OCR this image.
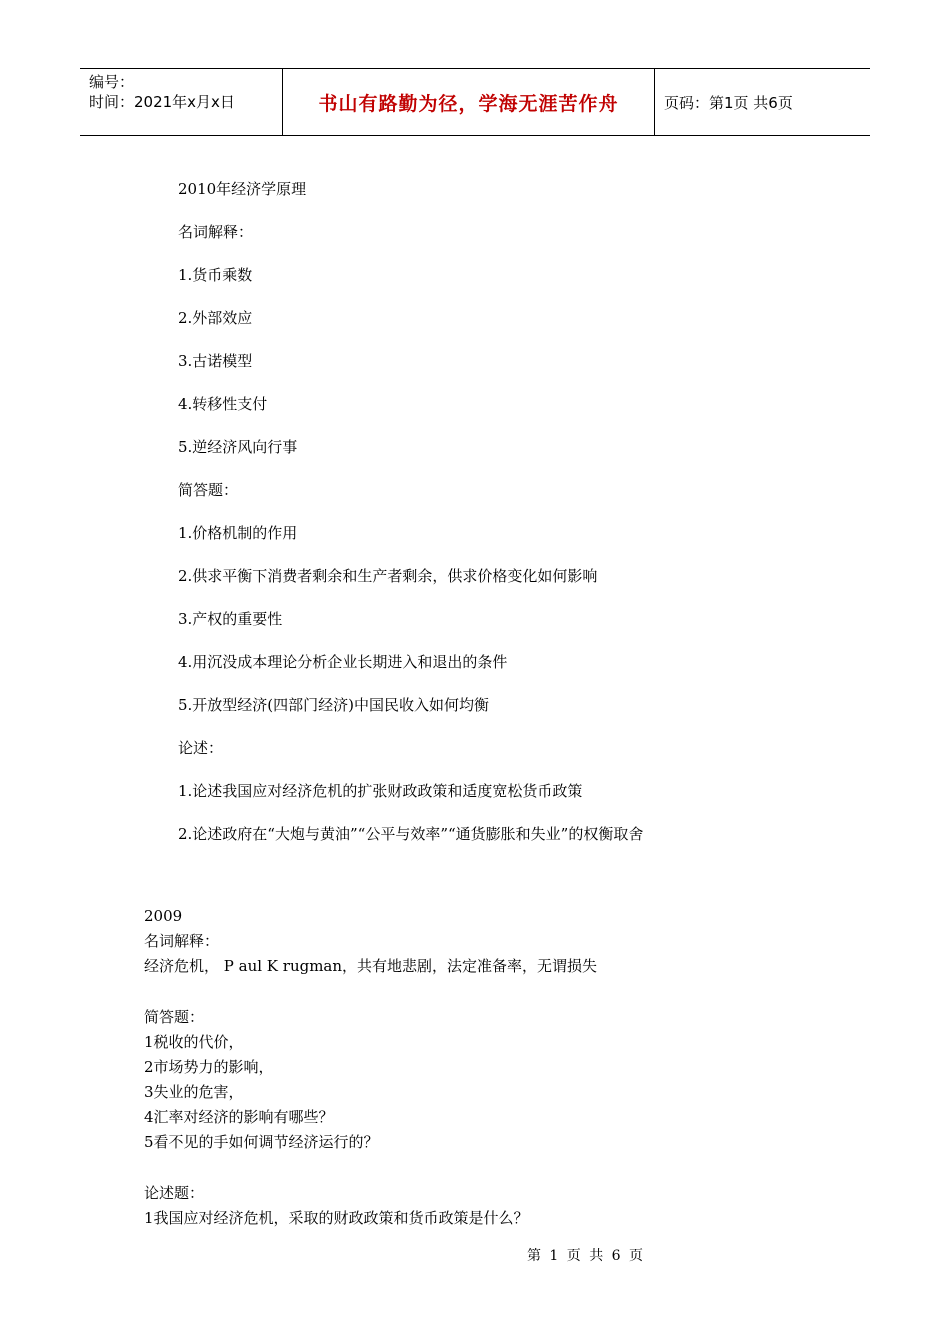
编号：
时间：2021年x月x日	书山有路勤为径，学海无涯苦作舟	页码：第1页 共6页
2010年经济学原理
名词解释：
1.货币乘数
2.外部效应
3.古诺模型
4.转移性支付
5.逆经济风向行事
简答题：
1.价格机制的作用
2.供求平衡下消费者剩余和生产者剩余，供求价格变化如何影响
3.产权的重要性
4.用沉没成本理论分析企业长期进入和退出的条件
5.开放型经济(四部门经济)中国民收入如何均衡
论述：
1.论述我国应对经济危机的扩张财政政策和适度宽松货币政策
2.论述政府在“大炮与黄油”“公平与效率”“通货膨胀和失业”的权衡取舍
2009
名词解释：
经济危机， P aul K rugman，共有地悲剧，法定准备率，无谓损失
简答题：
1税收的代价，
2市场势力的影响，
3失业的危害，
4汇率对经济的影响有哪些？
5看不见的手如何调节经济运行的？
论述题：
1我国应对经济危机，采取的财政政策和货币政策是什么？
第 1 页 共 6 页
